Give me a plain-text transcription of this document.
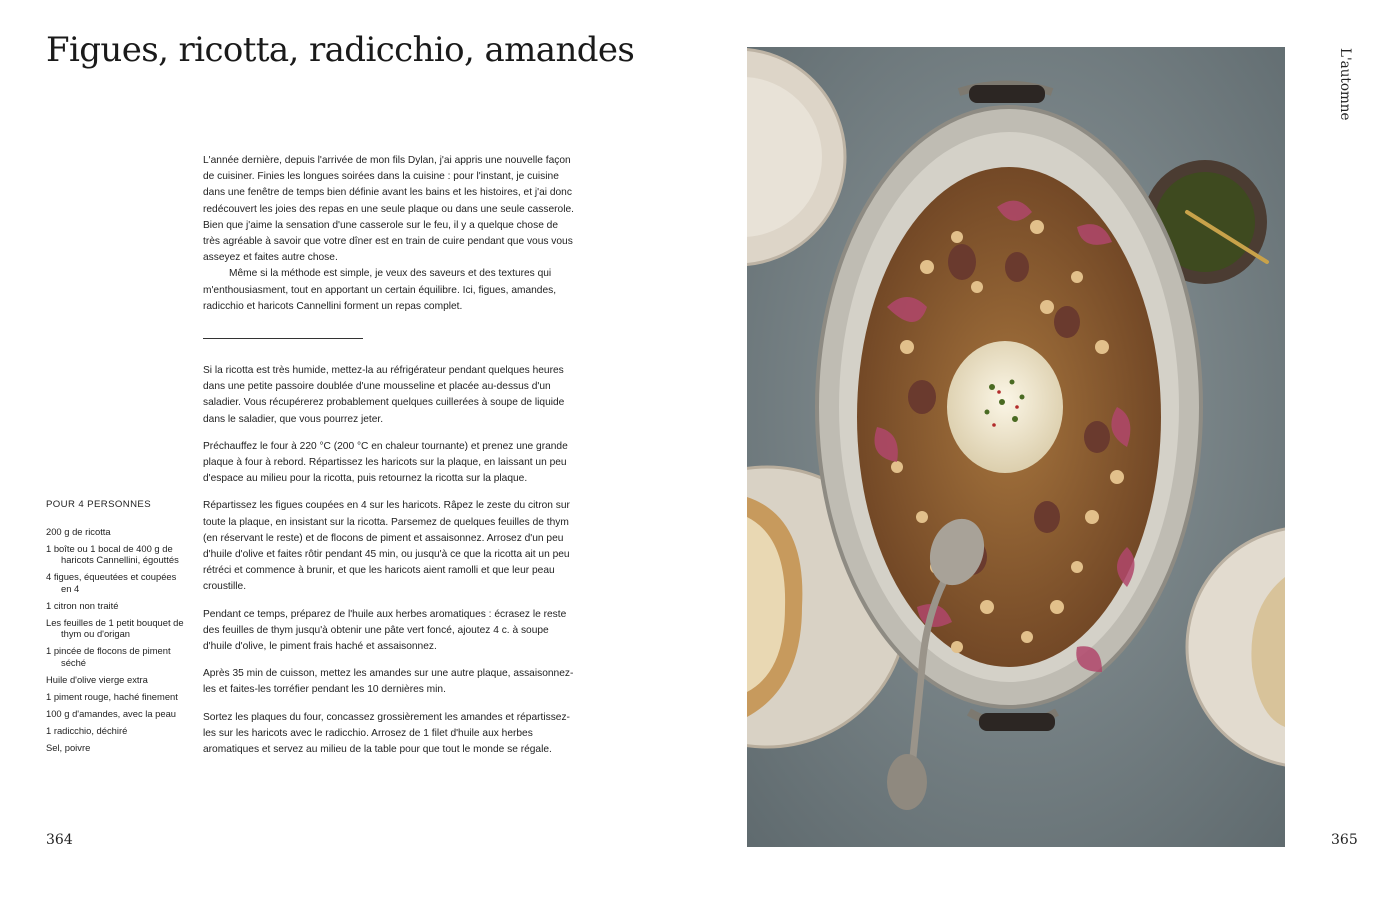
Figues, ricotta, radicchio, amandes

L'année dernière, depuis l'arrivée de mon fils Dylan, j'ai appris une nouvelle façon de cuisiner. Finies les longues soirées dans la cuisine : pour l'instant, je cuisine dans une fenêtre de temps bien définie avant les bains et les histoires, et j'ai donc redécouvert les joies des repas en une seule plaque ou dans une seule casserole. Bien que j'aime la sensation d'une casserole sur le feu, il y a quelque chose de très agréable à savoir que votre dîner est en train de cuire pendant que vous vous asseyez et faites autre chose.

Même si la méthode est simple, je veux des saveurs et des textures qui m'enthousiasment, tout en apportant un certain équilibre. Ici, figues, amandes, radicchio et haricots Cannellini forment un repas complet.

Si la ricotta est très humide, mettez-la au réfrigérateur pendant quelques heures dans une petite passoire doublée d'une mousseline et placée au-dessus d'un saladier. Vous récupérerez probablement quelques cuillerées à soupe de liquide dans le saladier, que vous pourrez jeter.

Préchauffez le four à 220 °C (200 °C en chaleur tournante) et prenez une grande plaque à four à rebord. Répartissez les haricots sur la plaque, en laissant un peu d'espace au milieu pour la ricotta, puis retournez la ricotta sur la plaque.

Répartissez les figues coupées en 4 sur les haricots. Râpez le zeste du citron sur toute la plaque, en insistant sur la ricotta. Parsemez de quelques feuilles de thym (en réservant le reste) et de flocons de piment et assaisonnez. Arrosez d'un peu d'huile d'olive et faites rôtir pendant 45 min, ou jusqu'à ce que la ricotta ait un peu rétréci et commence à brunir, et que les haricots aient ramolli et que leur peau croustille.

Pendant ce temps, préparez de l'huile aux herbes aromatiques : écrasez le reste des feuilles de thym jusqu'à obtenir une pâte vert foncé, ajoutez 4 c. à soupe d'huile d'olive, le piment frais haché et assaisonnez.

Après 35 min de cuisson, mettez les amandes sur une autre plaque, assaisonnez-les et faites-les torréfier pendant les 10 dernières min.

Sortez les plaques du four, concassez grossièrement les amandes et répartissez-les sur les haricots avec le radicchio. Arrosez de 1 filet d'huile aux herbes aromatiques et servez au milieu de la table pour que tout le monde se régale.

POUR 4 PERSONNES
200 g de ricotta
1 boîte ou 1 bocal de 400 g de haricots Cannellini, égouttés
4 figues, équeutées et coupées en 4
1 citron non traité
Les feuilles de 1 petit bouquet de thym ou d'origan
1 pincée de flocons de piment séché
Huile d'olive vierge extra
1 piment rouge, haché finement
100 g d'amandes, avec la peau
1 radicchio, déchiré
Sel, poivre
364	365
L'automne
